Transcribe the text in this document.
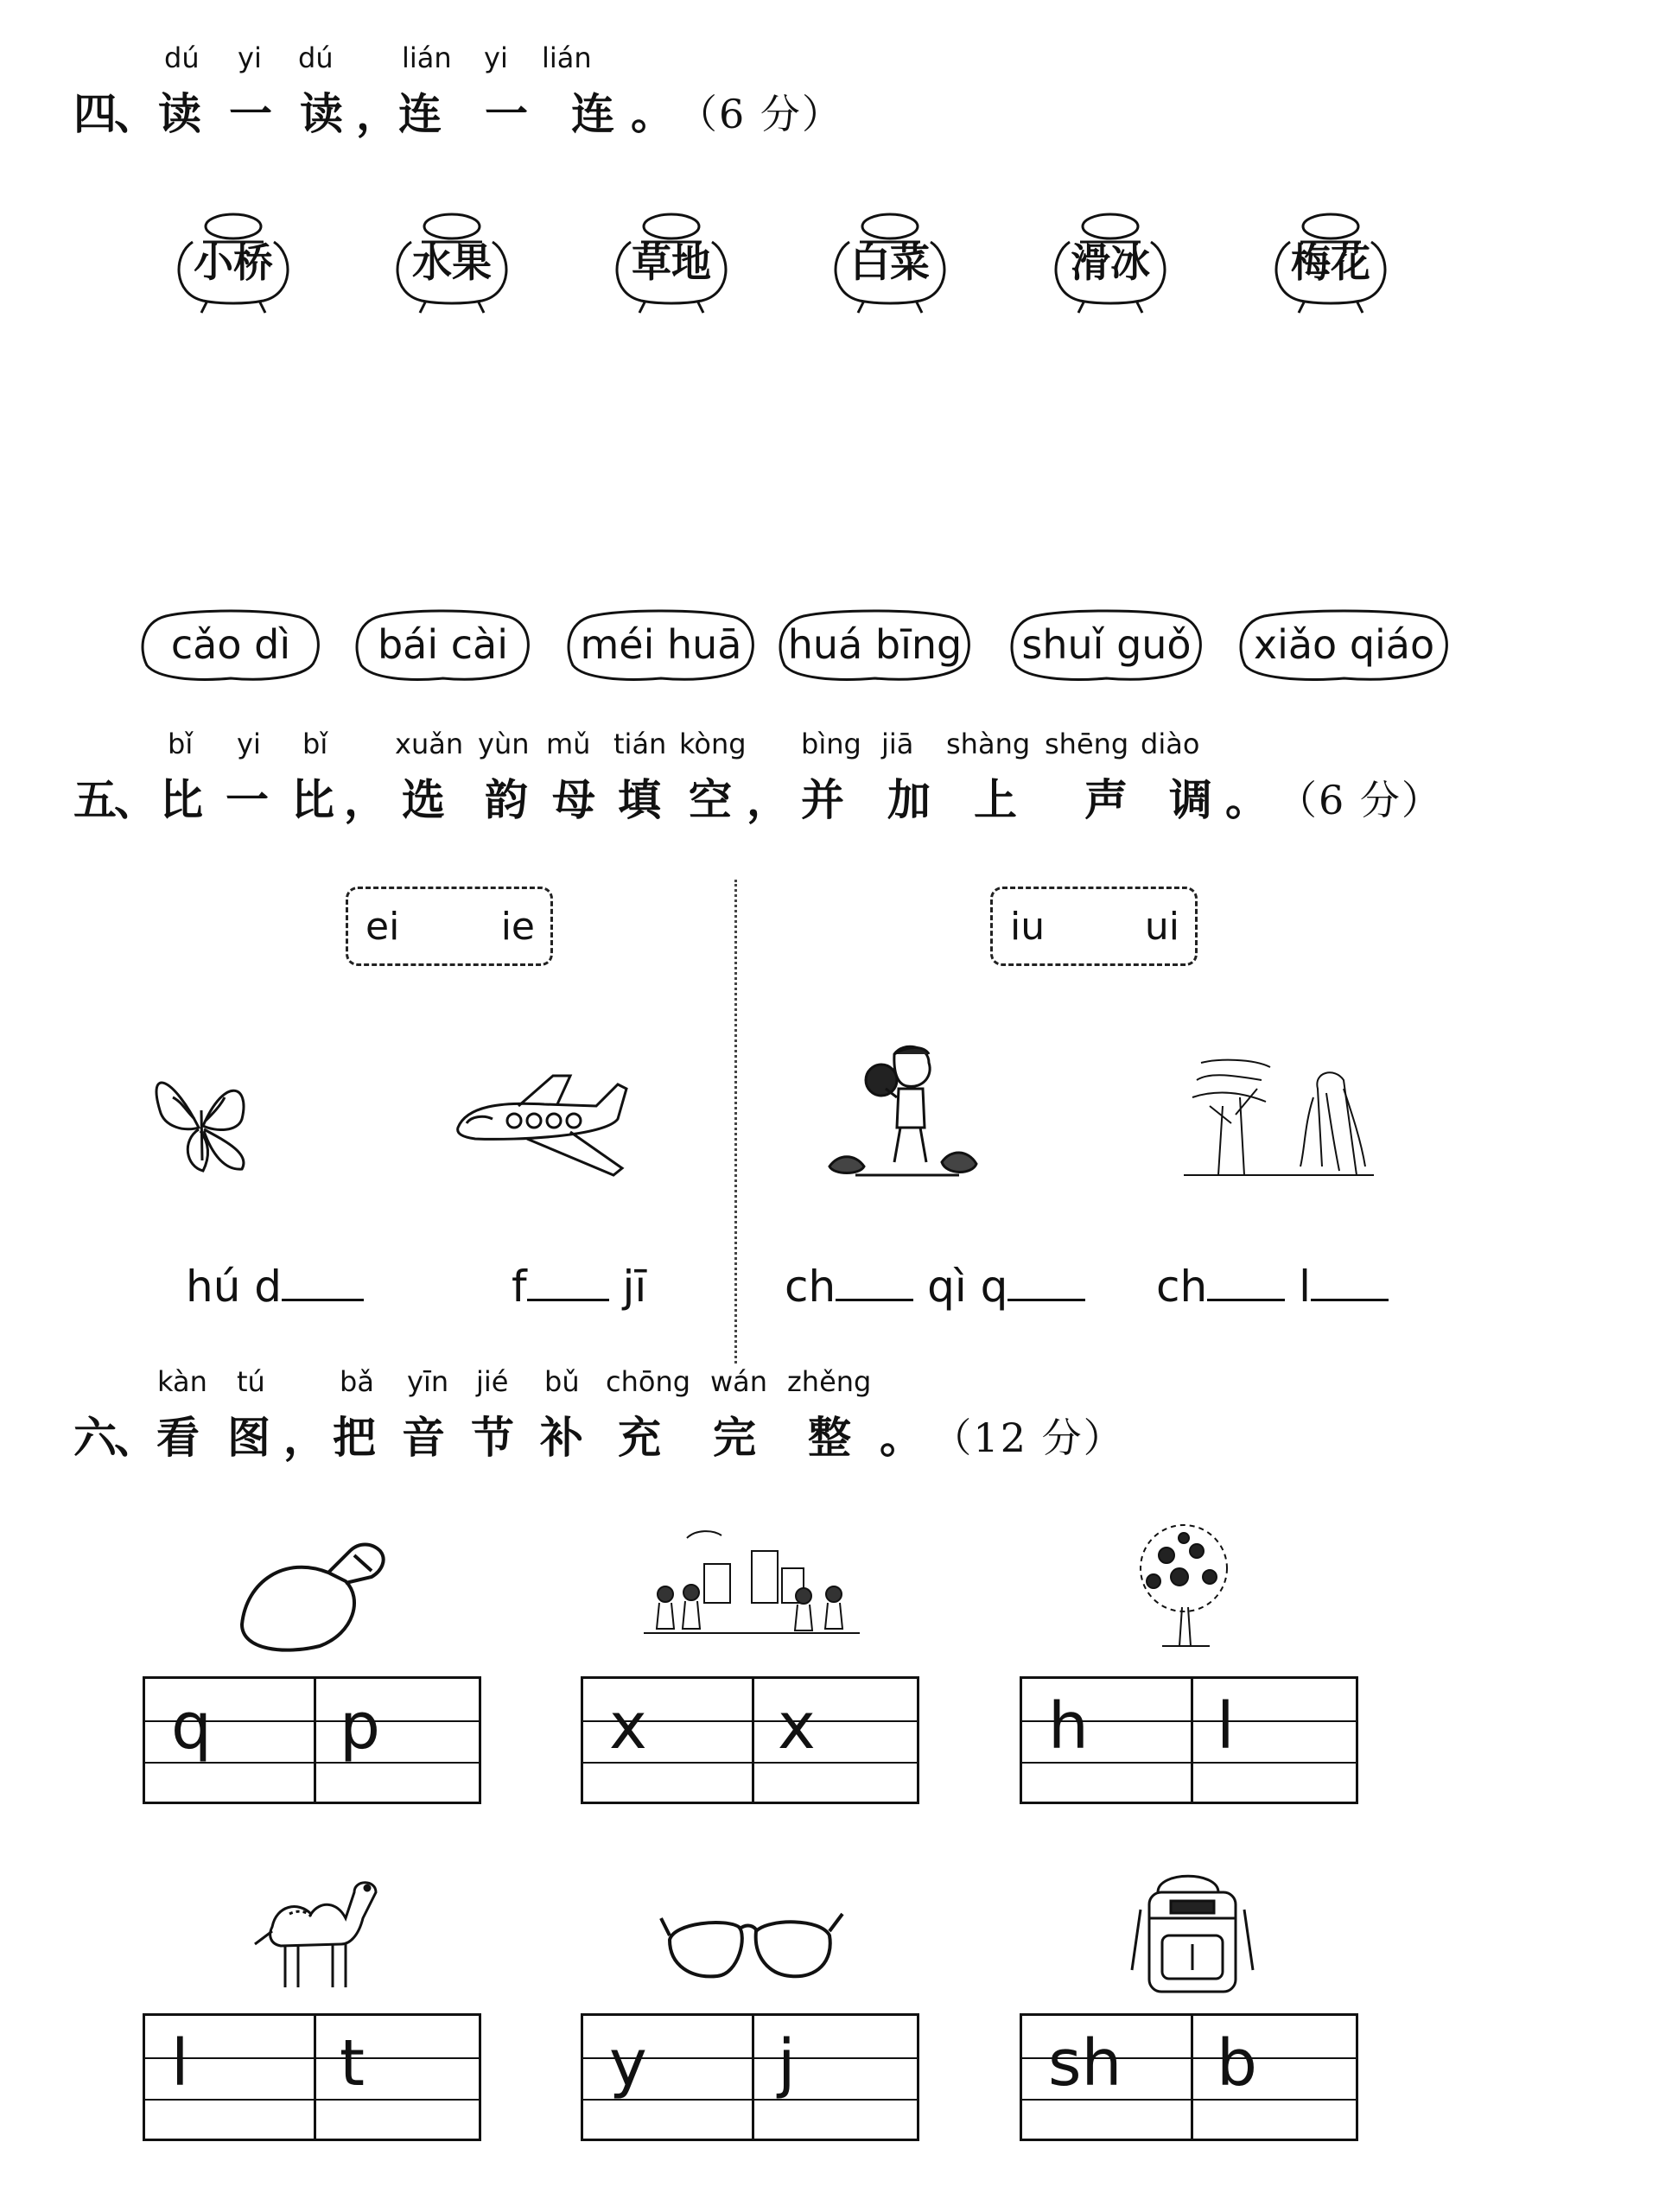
dú yi dú lián yi lián
四
、 读 一 读 ，
连 一 连 。 （6 分）
小桥	水果	草地	白菜	滑冰	梅花
cǎo dì bái cài méi huā huá bīng shuǐ guǒ xiǎo qiáo
bǐ yi bǐ xuǎn yùn mǔ tián kòng bìng jiā shàng shēng diào
五
、 比 一 比 ， 选 韵 母 填 空 ， 并 加 上 声 调 。 （6 分）
ei	ie	iu	ui
hú d	f jī	ch qì q	ch l
kàn tú	bǎ yīn jié bǔ chōng wán zhěng
六
、
看 图 ， 把 音 节 补 充 完 整 。 （12 分）
q p	x x	h l
l t	y j	sh b
